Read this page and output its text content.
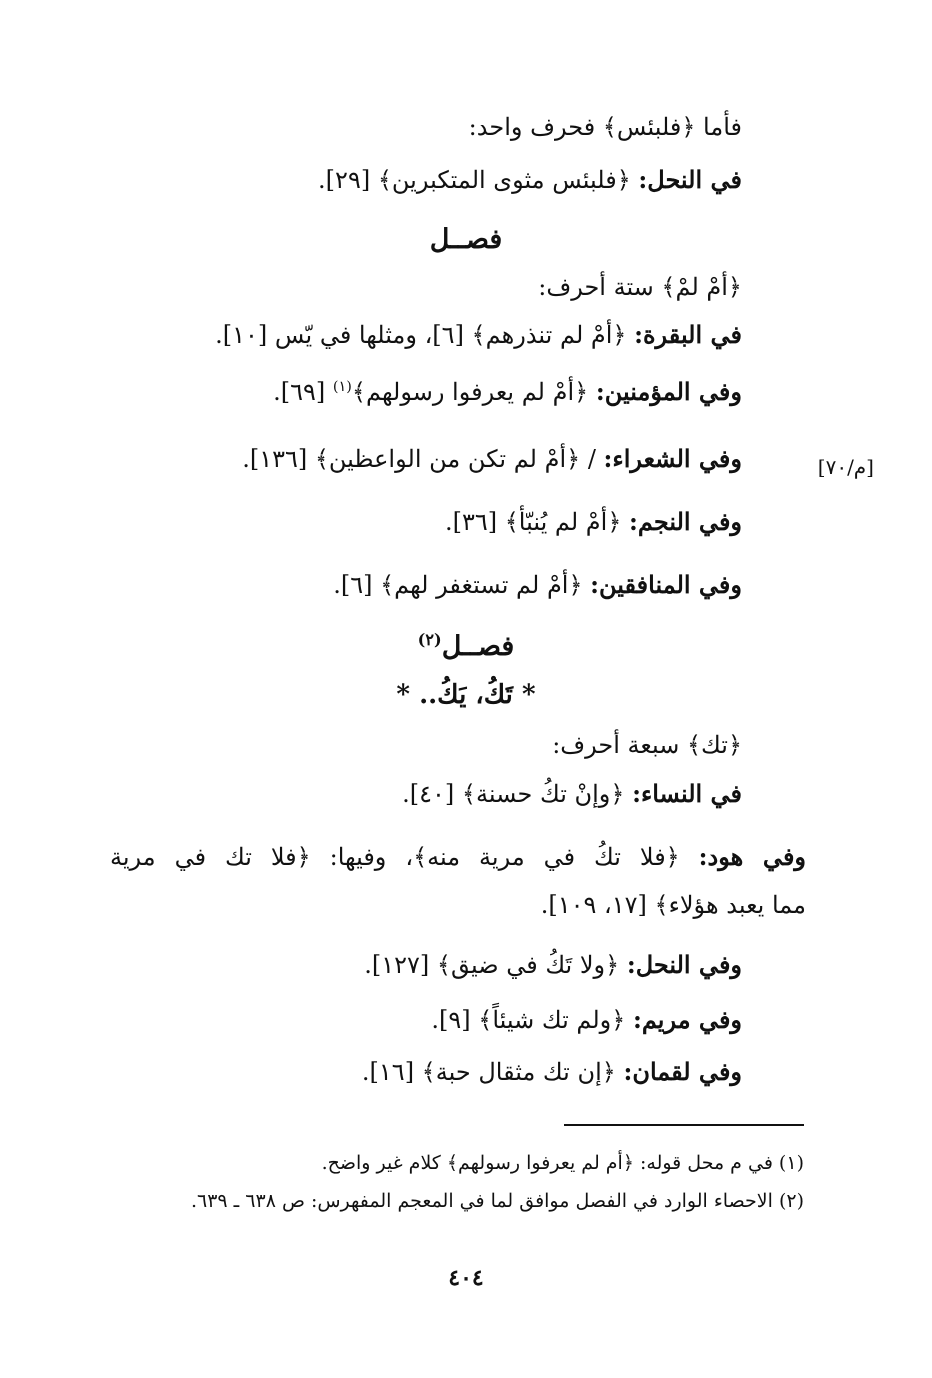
[م/٧٠]
فأما ﴿فلبئس﴾ فحرف واحد:
في النحل: ﴿فلبئس مثوى المتكبرين﴾ [٢٩].
فصــل
﴿أمْ لمْ﴾ ستة أحرف:
في البقرة: ﴿أمْ لم تنذرهم﴾ [٦]، ومثلها في يّس [١٠].
وفي المؤمنين: ﴿أمْ لم يعرفوا رسولهم﴾$^{(١)}$ [٦٩].
وفي الشعراء: / ﴿أمْ لم تكن من الواعظين﴾ [١٣٦].
وفي النجم: ﴿أمْ لم يُنبّأ﴾ [٣٦].
وفي المنافقين: ﴿أمْ لم تستغفر لهم﴾ [٦].
فصــل$^{(٢)}$
* تَكُ، يَكُ.. *
﴿تك﴾ سبعة أحرف:
في النساء: ﴿وإنْ تكُ حسنة﴾ [٤٠].
وفي هود: ﴿فلا تكُ في مرية منه﴾، وفيها: ﴿فلا تك في مرية
مما يعبد هؤلاء﴾ [١٧، ١٠٩].
وفي النحل: ﴿ولا تَكُ في ضيق﴾ [١٢٧].
وفي مريم: ﴿ولم تك شيئاً﴾ [٩].
وفي لقمان: ﴿إن تك مثقال حبة﴾ [١٦].
(١) في م محل قوله: ﴿أم لم يعرفوا رسولهم﴾ كلام غير واضح.
(٢) الاحصاء الوارد في الفصل موافق لما في المعجم المفهرس: ص ٦٣٨ ـ ٦٣٩.
٤٠٤
